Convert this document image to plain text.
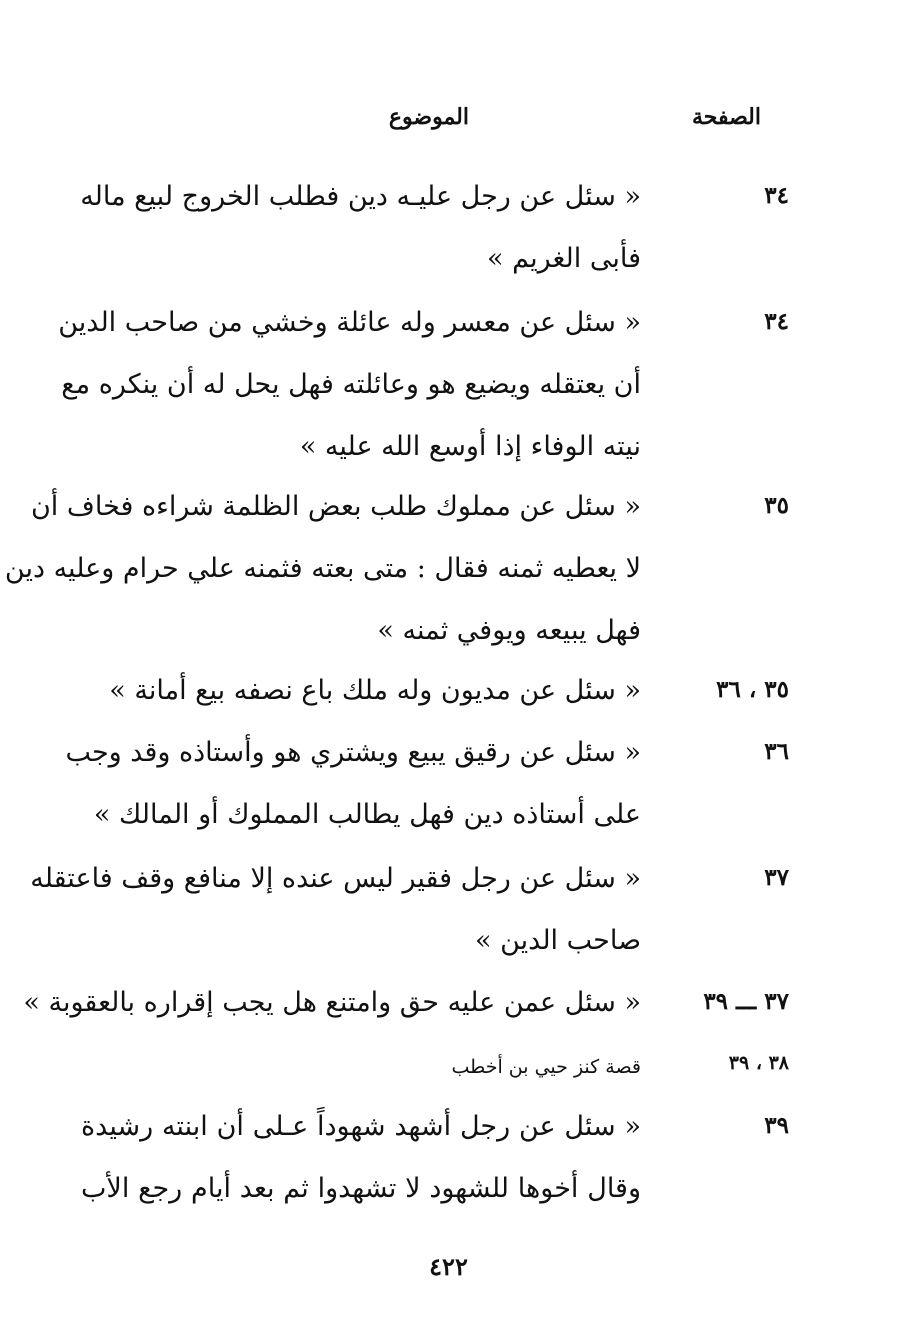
الصفحة
الموضوع
٣٤
« سئل عن رجل عليـه دين فطلب الخروج لبيع ماله
فأبى الغريم »
٣٤
« سئل عن معسر وله عائلة وخشي من صاحب الدين
أن يعتقله ويضيع هو وعائلته فهل يحل له أن ينكره مع
نيته الوفاء إذا أوسع الله عليه »
٣٥
« سئل عن مملوك طلب بعض الظلمة شراءه فخاف أن
لا يعطيه ثمنه فقال : متى بعته فثمنه علي حرام وعليه دين
فهل يبيعه ويوفي ثمنه »
٣٥ ، ٣٦
« سئل عن مديون وله ملك باع نصفه بيع أمانة »
٣٦
« سئل عن رقيق يبيع ويشتري هو وأستاذه وقد وجب
على أستاذه دين فهل يطالب المملوك أو المالك »
٣٧
« سئل عن رجل فقير ليس عنده إلا منافع وقف فاعتقله
صاحب الدين »
٣٧ ـــ ٣٩
« سئل عمن عليه حق وامتنع هل يجب إقراره بالعقوبة »
٣٨ ، ٣٩
قصة كنز حيي بن أخطب
٣٩
« سئل عن رجل أشهد شهوداً عـلى أن ابنته رشيدة
وقال أخوها للشهود لا تشهدوا ثم بعد أيام رجع الأب
٤٢٢
